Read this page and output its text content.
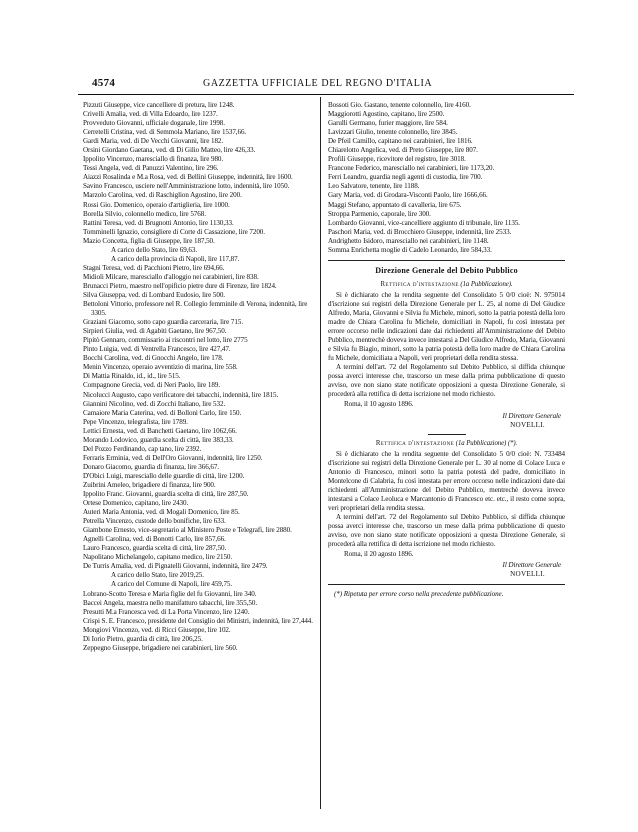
4574	GAZZETTA UFFICIALE DEL REGNO D'ITALIA

Pizzuti Giuseppe, vice cancelliere di pretura, lire 1248.

Crivelli Amalia, ved. di Villa Edoardo, lire 1237.

Provveduto Giovanni, ufficiale doganale, lire 1998.

Cerretelli Cristina, ved. di Semmola Mariano, lire 1537,66.

Gardi Maria, ved. di De Vecchi Giovanni, lire 182.

Orsini Giordano Gaetana, ved. di Di Gilio Matteo, lire 426,33.

Ippolito Vincenzo, maresciallo di finanza, lire 980.

Tessi Angela, ved. di Panuzzi Valentino, lire 296.

Aiazzi Rosalinda e M.a Rosa, ved. di Bellini Giuseppe, indennità, lire 1600.

Savino Francesco, usciere nell'Amministrazione lotto, indennità, lire 1050.

Marzolo Carolina, ved. di Raschiglion Agostino, lire 200.

Rossi Gio. Domenico, operaio d'artiglieria, lire 1000.

Borella Silvio, colonnello medico, lire 5768.

Rattini Teresa, ved. di Brugnotti Antonio, lire 1130,33.

Tomminelli Ignazio, consigliere di Corte di Cassazione, lire 7200.

Mazio Concetta, figlia di Giuseppe, lire 187,50.

A carico dello Stato, lire 69,63.

A carico della provincia di Napoli, lire 117,87.

Stagni Teresa, ved. di Pacchioni Pietro, lire 694,66.

Midioli Milcare, maresciallo d'alloggio nei carabinieri, lire 838.

Brunacci Pietro, maestro nell'opificio pietre dure di Firenze, lire 1824.

Silva Giuseppa, ved. di Lombard Eudosio, lire 500.

Bettoloni Vittorio, professore nel R. Collegio femminile di Verona, indennità, lire 3305.

Graziani Giacomo, sotto capo guardia carceraria, lire 715.

Sirpieri Giulia, ved. di Agabiti Gaetano, lire 967,50.

Pipitò Gennaro, commissario ai riscontri nel lotto, lire 2775

Pinto Luigia, ved. di Ventrella Francesco, lire 427,47.

Bocchi Carolina, ved. di Gnocchi Angelo, lire 178.

Menin Vincenzo, operaio avventizio di marina, lire 558.

Di Mattia Rinaldo, id., id., lire 515.

Compagnone Grecia, ved. di Neri Paolo, lire 189.

Nicolucci Augusto, capo verificatore dei tabacchi, indennità, lire 1815.

Giannini Nicolino, ved. di Zocchi Italiano, lire 532.

Camaiore Maria Caterina, ved. di Bolloni Carlo, lire 150.

Pepe Vincenzo, telegrafista, lire 1789.

Lettici Ernesta, ved. di Banchetti Gaetano, lire 1062,66.

Morando Lodovico, guardia scelta di città, lire 383,33.

Del Pozzo Ferdinando, cap tano, lire 2392.

Ferraris Erminia, ved. di Dell'Oro Giovanni, indennità, lire 1250.

Donaro Giacomo, guardia di finanza, lire 366,67.

D'Obici Luigi, maresciallo delle guardie di città, lire 1200.

Zuibrini Ameleo, brigadiere di finanza, lire 900.

Ippolito Franc. Giovanni, guardia scelta di città, lire 287,50.

Ortese Domenico, capitano, lire 2430.

Auteri Maria Antonia, ved. di Mogali Domenico, lire 85.

Petrella Vincenzo, custode dello bonifiche, lire 633.

Giambone Ernesto, vice-segretario al Ministero Poste e Telegrafi, lire 2880.

Agnelli Carolina, ved. di Bonotti Carlo, lire 857,66.

Lauro Francesco, guardia scelta di città, lire 287,50.

Napolitano Michelangelo, capitano medico, lire 2150.

De Turris Amalia, ved. di Pignatelli Giovanni, indennità, lire 2479.

A carico dello Stato, lire 2019,25.

A carico del Comune di Napoli, lire 459,75.

Lobrano-Scotto Teresa e Maria figlie del fu Giovanni, lire 340.

Baccei Angela, maestra nello manifatturo tabacchi, lire 355,50.

Presutti M.a Francesca ved. di La Porta Vincenzo, lire 1240.

Crispi S. E. Francesco, presidente del Consiglio dei Ministri, indennità, lire 27,444.

Mongiovi Vincenzo, ved. di Ricci Giuseppe, lire 102.

Di Iorio Pietro, guardia di città, lire 206,25.

Zeppegno Giuseppe, brigadiere nei carabinieri, lire 560.

Bossoti Gio. Gastano, tenente colonnello, lire 4160.

Maggiorotti Agostino, capitano, lire 2500.

Garulli Germano, furier maggiore, lire 584.

Lavizzari Giulio, tenente colonnello, lire 3845.

De Pfeil Camillo, capitano nei carabinieri, lire 1816.

Chiarelotto Angelica, ved. di Preto Giuseppe, lire 807.

Profili Giuseppe, ricevitore del registro, lire 3018.

Francone Federico, maresciallo nei carabinieri, lire 1173,20.

Ferri Leandro, guardia negli agenti di custodia, lire 700.

Leo Salvatore, tenente, lire 1188.

Gary Maria, ved. di Grodara-Visconti Paolo, lire 1666,66.

Maggi Stefano, appuntato di cavalleria, lire 675.

Stroppa Parmenio, caporale, lire 300.

Lombardo Giovanni, vice-cancelliere aggiunto di tribunale, lire 1135.

Paschori Maria, ved. di Brocchiero Giuseppe, indennità, lire 2533.

Andrighetto Isidoro, maresciallo nei carabinieri, lire 1148.

Somma Enrichetta moglie di Cadelo Leonardo, lire 584,33.

Direzione Generale del Debito Pubblico
Rettifica d'intestazione (1a Pubblicazione).

Si è dichiarato che la rendita seguente del Consolidato 5 0/0 cioè: N. 975014 d'iscrizione sui registri della Direzione Generale per L. 25, al nome di Del Giudice Alfredo, Maria, Giovanni e Silvia fu Michele, minori, sotto la patria potestà della loro madre de Chiara Carolina fu Michele, domiciliati in Napoli, fu così intestata per errore occorso nelle indicazioni date dai richiedenti all'Amministrazione del Debito Pubblico, mentrechè doveva invece intestarsi a Del Giudice Alfredo, Maria, Giovanni e Silvia fu Biagio, minori, sotto la patria potestà della loro madre de Chiara Carolina fu Michele, domiciliata a Napoli, veri proprietari della rendita stessa.

A termini dell'art. 72 del Regolamento sul Debito Pubblico, si diffida chiunque possa averci interesse che, trascorso un mese dalla prima pubblicazione di questo avviso, ove non siano state notificate opposizioni a questa Direzione Generale, si procederà alla rettifica di detta iscrizione nel modo richiesto.

Roma, il 10 agosto 1896.

Il Direttore Generale
NOVELLI.
Rettifica d'intestazione (1a Pubblicazione) (*).

Si è dichiarato che la rendita seguente del Consolidato 5 0/0 cioè: N. 733484 d'iscrizione sui registri della Direzione Generale per L. 30 al nome di Colace Luca e Antonio di Francesco, minori sotto la patria potestà del padre, domiciliato in Montelcone di Calabria, fu così intestata per errore occorso nelle indicazioni date dai richiedenti all'Amministrazione del Debito Pubblico, mentrechè doveva invece intestarsi a Colace Leoluca e Marcantonio di Francesco etc. etc., il resto come sopra, veri proprietari della rendita stessa.

A termini dell'art. 72 del Regolamento sul Debito Pubblico, si diffida chiunque possa averci interesse che, trascorso un mese dalla prima pubblicazione di questo avviso, ove non siano state notificate opposizioni a questa Direzione Generale, si procederà alla rettifica di detta iscrizione nel modo richiesto.

Roma, il 20 agosto 1896.

Il Direttore Generale
NOVELLI.
(*) Ripetuta per errore corso nella precedente pubblicazione.
